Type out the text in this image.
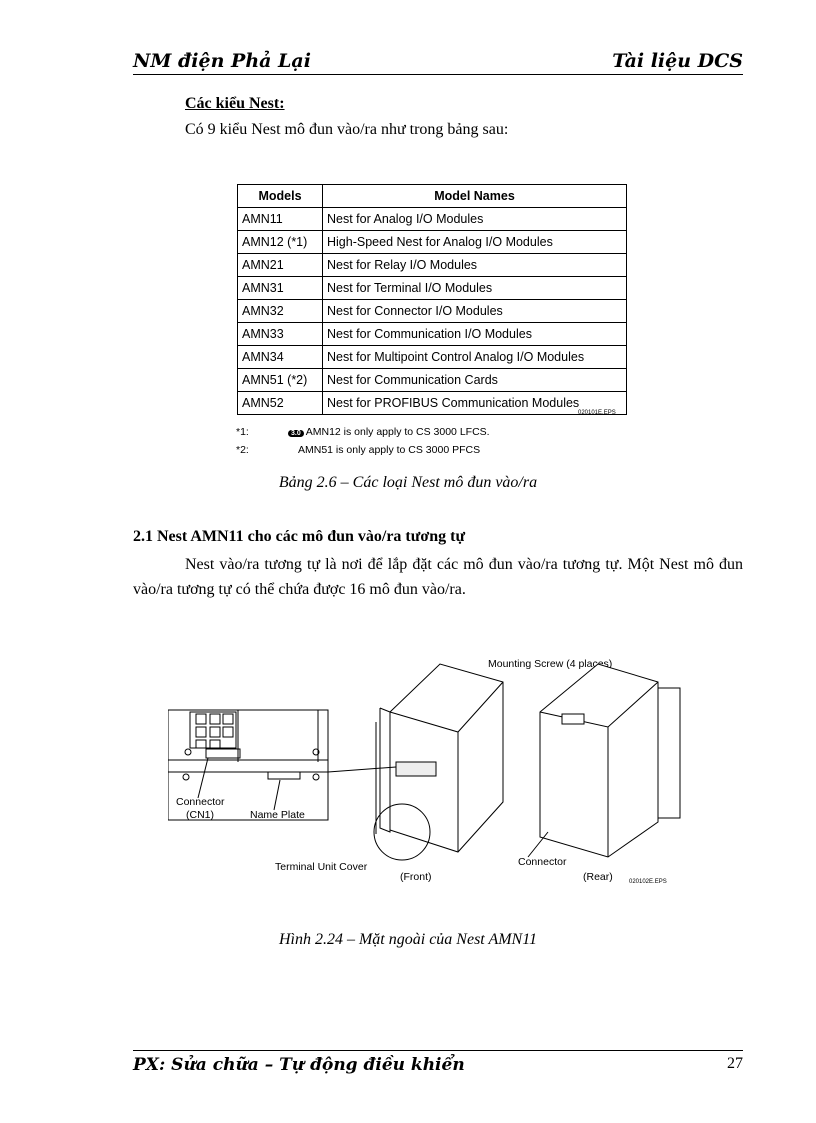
NM điện Phả Lại	Tài liệu DCS
Các kiểu Nest:
Có 9 kiểu Nest mô đun vào/ra như trong bảng sau:
Models	Model Names
AMN11	Nest for Analog I/O Modules
AMN12 (*1)	High-Speed Nest for Analog I/O Modules
AMN21	Nest for Relay I/O Modules
AMN31	Nest for Terminal I/O Modules
AMN32	Nest for Connector I/O Modules
AMN33	Nest for Communication I/O Modules
AMN34	Nest for Multipoint Control Analog I/O Modules
AMN51 (*2)	Nest for Communication Cards
AMN52	Nest for PROFIBUS Communication Modules
020101E.EPS
*1:	3.0 AMN12 is only apply to CS 3000 LFCS.
*2:	AMN51 is only apply to CS 3000 PFCS
Bảng 2.6 – Các loại Nest mô đun vào/ra
2.1 Nest AMN11 cho các mô đun vào/ra tương tự
Nest vào/ra tương tự là nơi để lắp đặt các mô đun vào/ra tương tự. Một Nest mô đun vào/ra tương tự có thể chứa được 16 mô đun vào/ra.
Connector
(CN1)	Name Plate
Mounting Screw (4 places)
Terminal Unit Cover
(Front)
Connector
(Rear)	020102E.EPS
Hình 2.24 – Mặt ngoài của Nest AMN11
PX: Sửa chữa – Tự động điều khiển	27
